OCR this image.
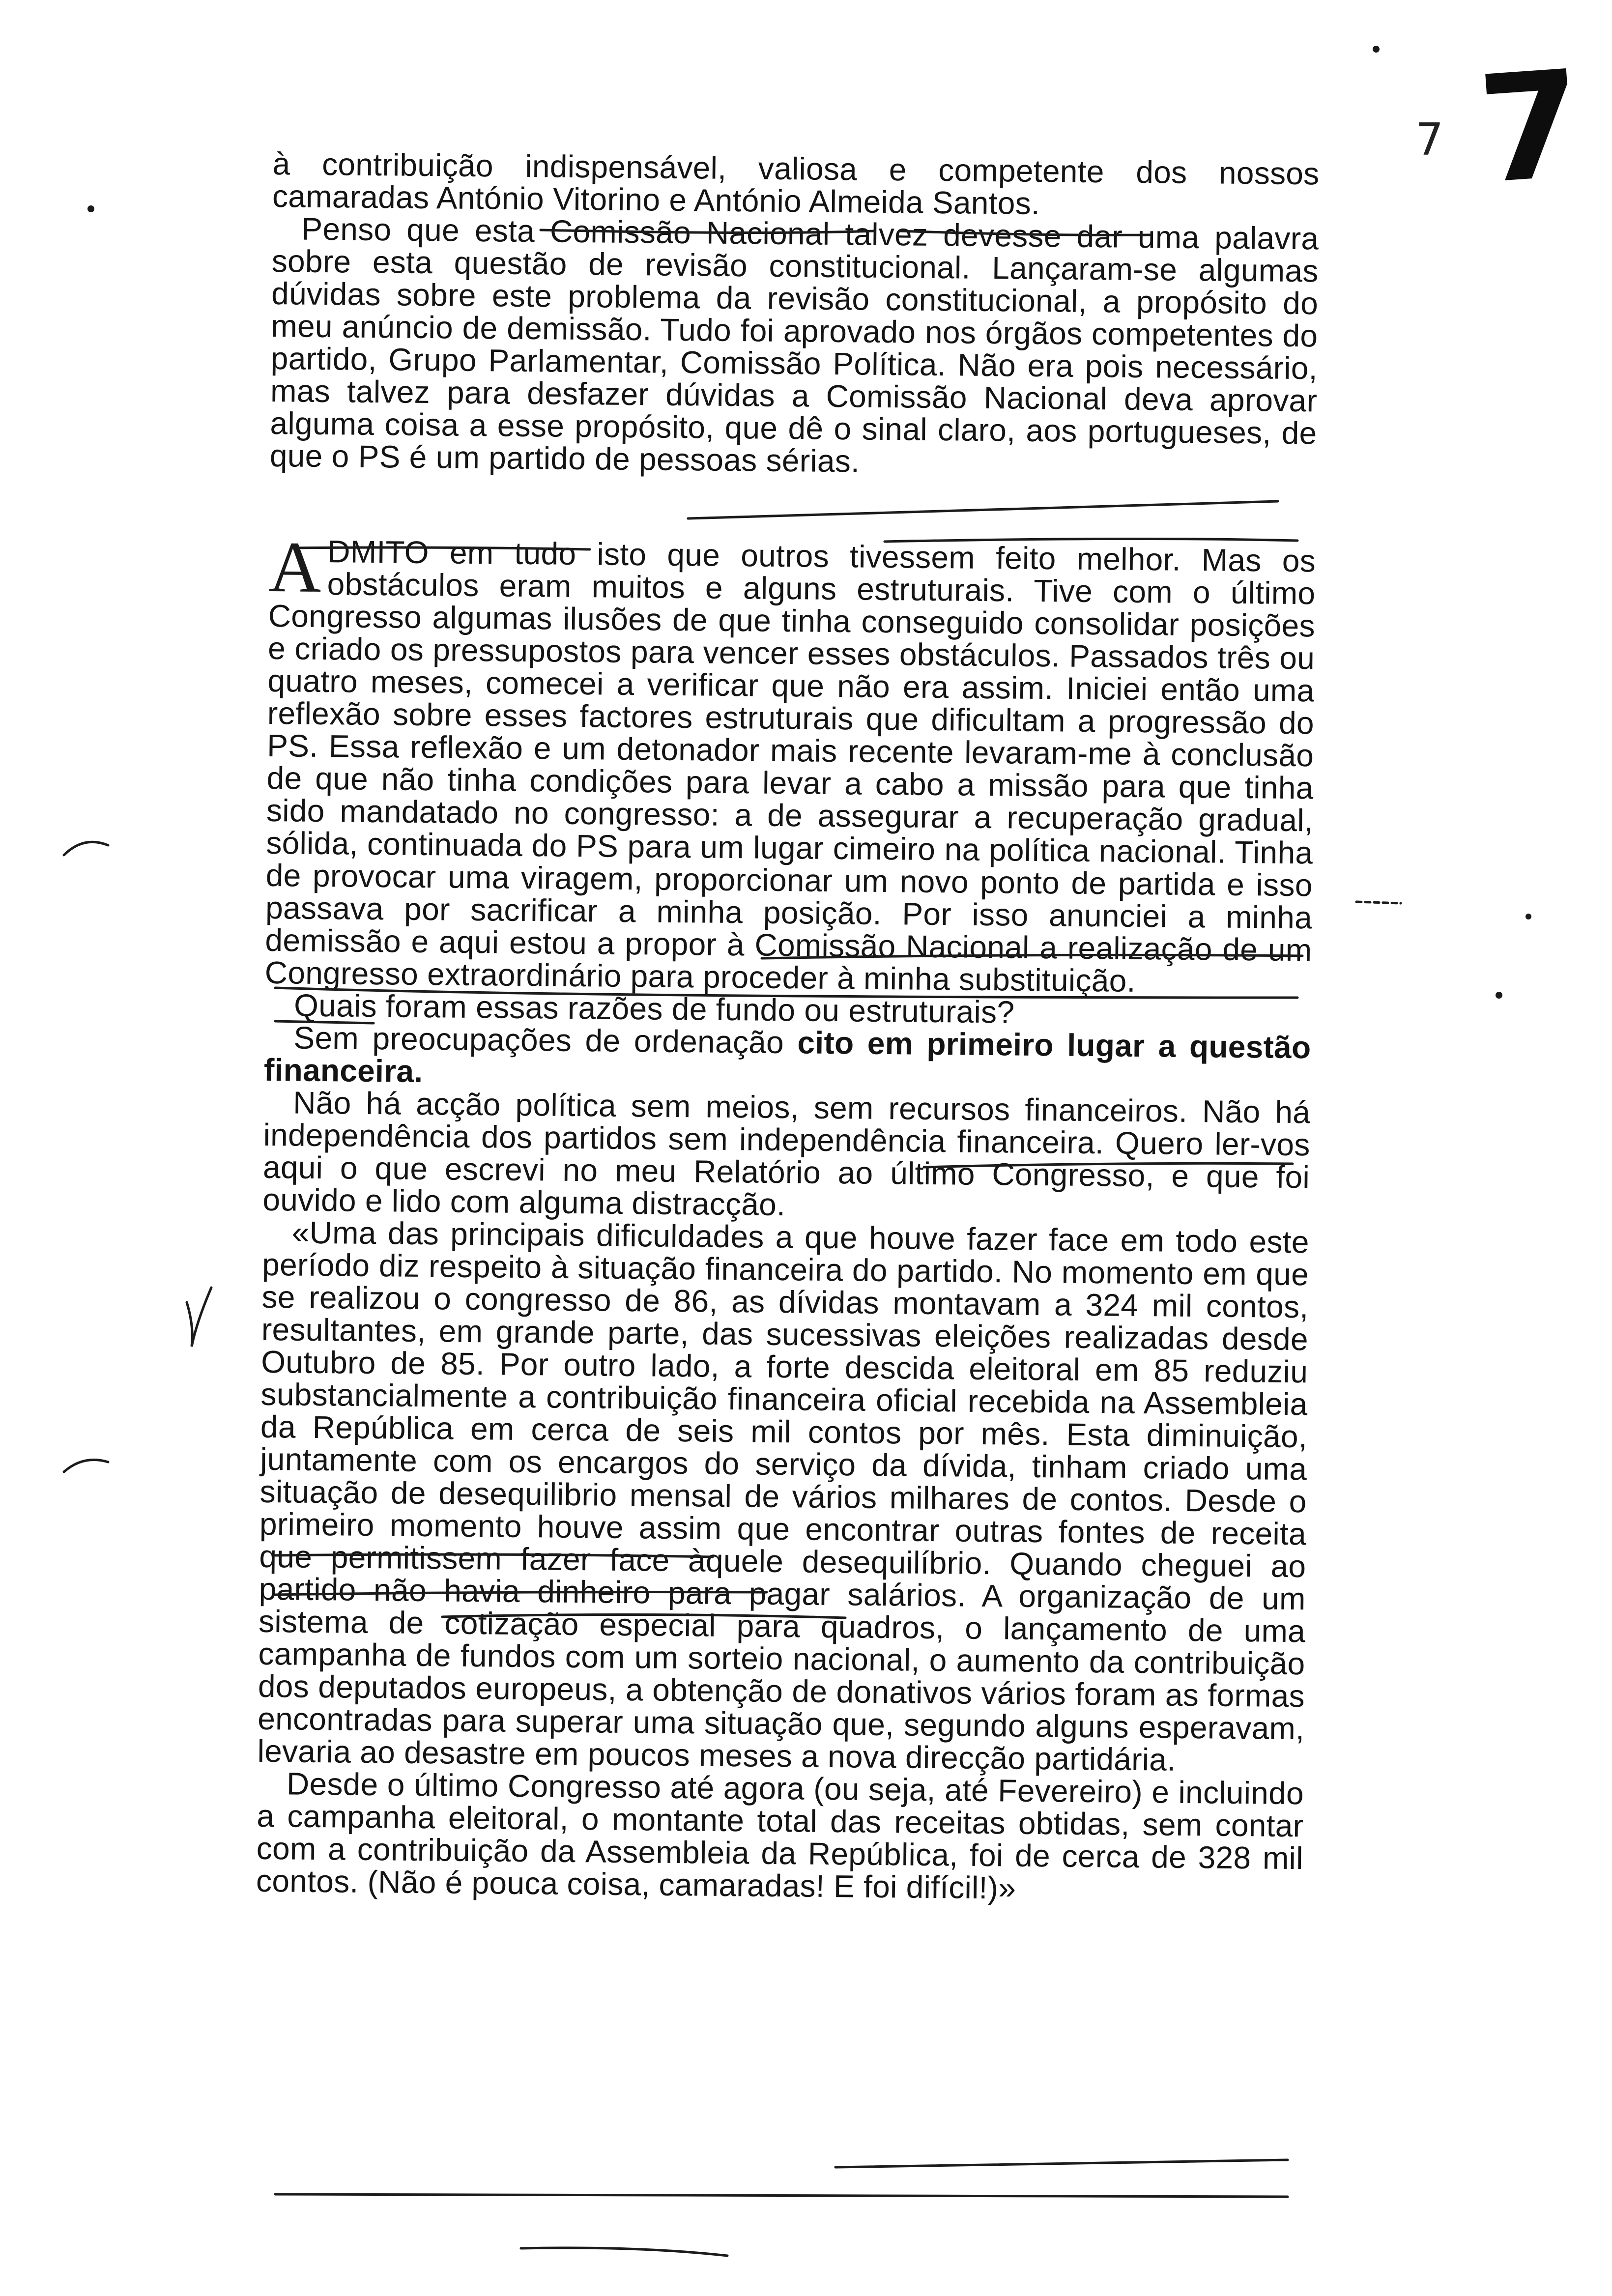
7
7

à contribuição indispensável, valiosa e competente dos nossos camaradas António Vitorino e António Almeida Santos.

Penso que esta Comissão Nacional talvez devesse dar uma palavra sobre esta questão de revisão constitucional. Lançaram-se algumas dúvidas sobre este problema da revisão constitucional, a propósito do meu anúncio de demissão. Tudo foi aprovado nos órgãos competentes do partido, Grupo Parlamentar, Comissão Política. Não era pois necessário, mas talvez para desfazer dúvidas a Comissão Nacional deva aprovar alguma coisa a esse propósito, que dê o sinal claro, aos portugueses, de que o PS é um partido de pessoas sérias.

ADMITO em tudo isto que outros tivessem feito melhor. Mas os obstáculos eram muitos e alguns estruturais. Tive com o último Congresso algumas ilusões de que tinha conseguido consolidar posições e criado os pressupostos para vencer esses obstáculos. Passados três ou quatro meses, comecei a verificar que não era assim. Iniciei então uma reflexão sobre esses factores estruturais que dificultam a progressão do PS. Essa reflexão e um detonador mais recente levaram-me à conclusão de que não tinha condições para levar a cabo a missão para que tinha sido mandatado no congresso: a de assegurar a recuperação gradual, sólida, continuada do PS para um lugar cimeiro na política nacional. Tinha de provocar uma viragem, proporcionar um novo ponto de partida e isso passava por sacrificar a minha posição. Por isso anunciei a minha demissão e aqui estou a propor à Comissão Nacional a realização de um Congresso extraordinário para proceder à minha substituição.

Quais foram essas razões de fundo ou estruturais?

Sem preocupações de ordenação cito em primeiro lugar a questão financeira.

Não há acção política sem meios, sem recursos financeiros. Não há independência dos partidos sem independência financeira. Quero ler-vos aqui o que escrevi no meu Relatório ao último Congresso, e que foi ouvido e lido com alguma distracção.

«Uma das principais dificuldades a que houve fazer face em todo este período diz respeito à situação financeira do partido. No momento em que se realizou o congresso de 86, as dívidas montavam a 324 mil contos, resultantes, em grande parte, das sucessivas eleições realizadas desde Outubro de 85. Por outro lado, a forte descida eleitoral em 85 reduziu substancialmente a contribuição financeira oficial recebida na Assembleia da República em cerca de seis mil contos por mês. Esta diminuição, juntamente com os encargos do serviço da dívida, tinham criado uma situação de desequilibrio mensal de vários milhares de contos. Desde o primeiro momento houve assim que encontrar outras fontes de receita que permitissem fazer face àquele desequilíbrio. Quando cheguei ao partido não havia dinheiro para pagar salários. A organização de um sistema de cotização especial para quadros, o lançamento de uma campanha de fundos com um sorteio nacional, o aumento da contribuição dos deputados europeus, a obtenção de donativos vários foram as formas encontradas para superar uma situação que, segundo alguns esperavam, levaria ao desastre em poucos meses a nova direcção partidária.

Desde o último Congresso até agora (ou seja, até Fevereiro) e incluindo a campanha eleitoral, o montante total das receitas obtidas, sem contar com a contribuição da Assembleia da República, foi de cerca de 328 mil contos. (Não é pouca coisa, camaradas! E foi difícil!)»
